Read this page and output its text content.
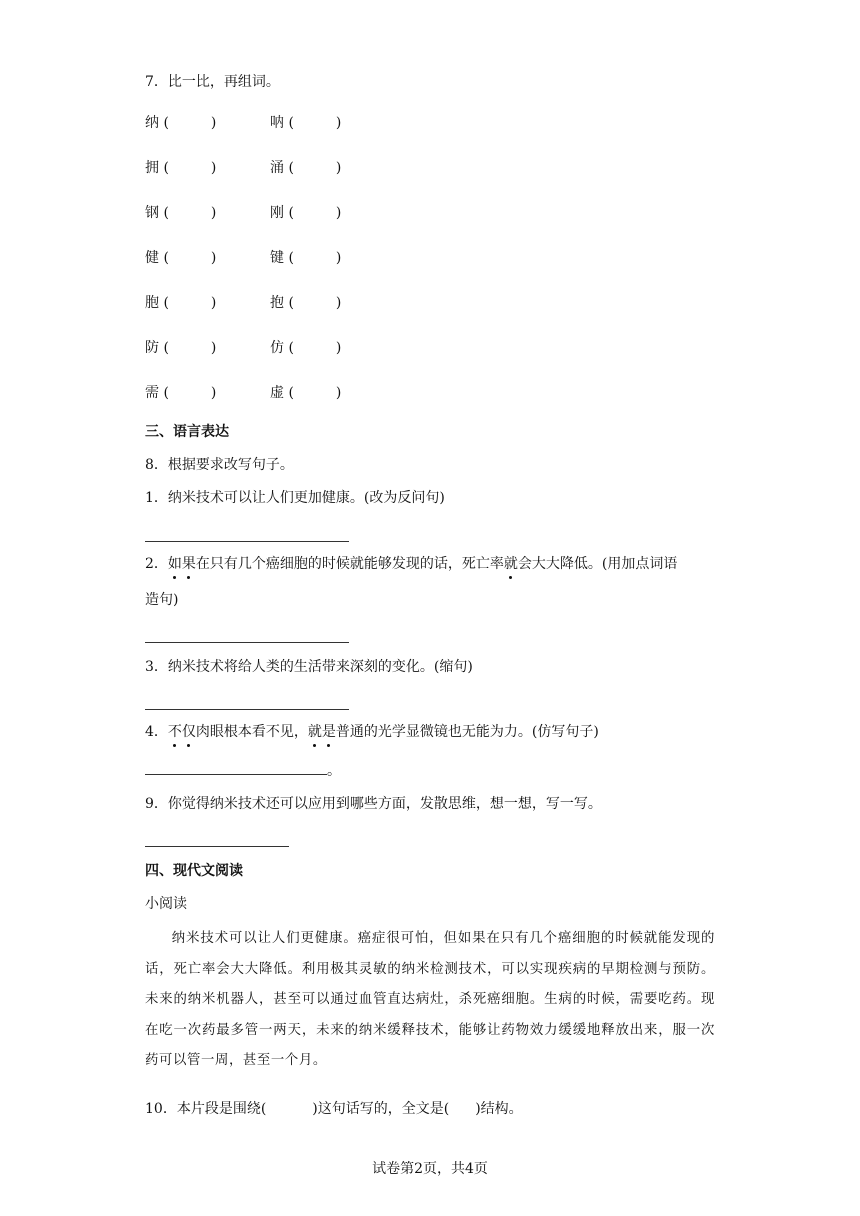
7．比一比，再组词。
纳 (	)	呐 (	)
拥 (	)	涌 (	)
钢 (	)	刚 (	)
健 (	)	键 (	)
胞 (	)	抱 (	)
防 (	)	仿 (	)
需 (	)	虚 (	)
三、语言表达
8．根据要求改写句子。
1．纳米技术可以让人们更加健康。(改为反问句)
2．如果在只有几个癌细胞的时候就能够发现的话，死亡率就会大大降低。(用加点词语
造句)
3．纳米技术将给人类的生活带来深刻的变化。(缩句)
4．不仅肉眼根本看不见，就是普通的光学显微镜也无能为力。(仿写句子)
。
9．你觉得纳米技术还可以应用到哪些方面，发散思维，想一想，写一写。
四、现代文阅读
小阅读
纳米技术可以让人们更健康。癌症很可怕，但如果在只有几个癌细胞的时候就能发现的话，死亡率会大大降低。利用极其灵敏的纳米检测技术，可以实现疾病的早期检测与预防。未来的纳米机器人，甚至可以通过血管直达病灶，杀死癌细胞。生病的时候，需要吃药。现在吃一次药最多管一两天，未来的纳米缓释技术，能够让药物效力缓缓地释放出来，服一次药可以管一周，甚至一个月。
10．本片段是围绕(	)这句话写的，全文是( )结构。
试卷第2页，共4页
